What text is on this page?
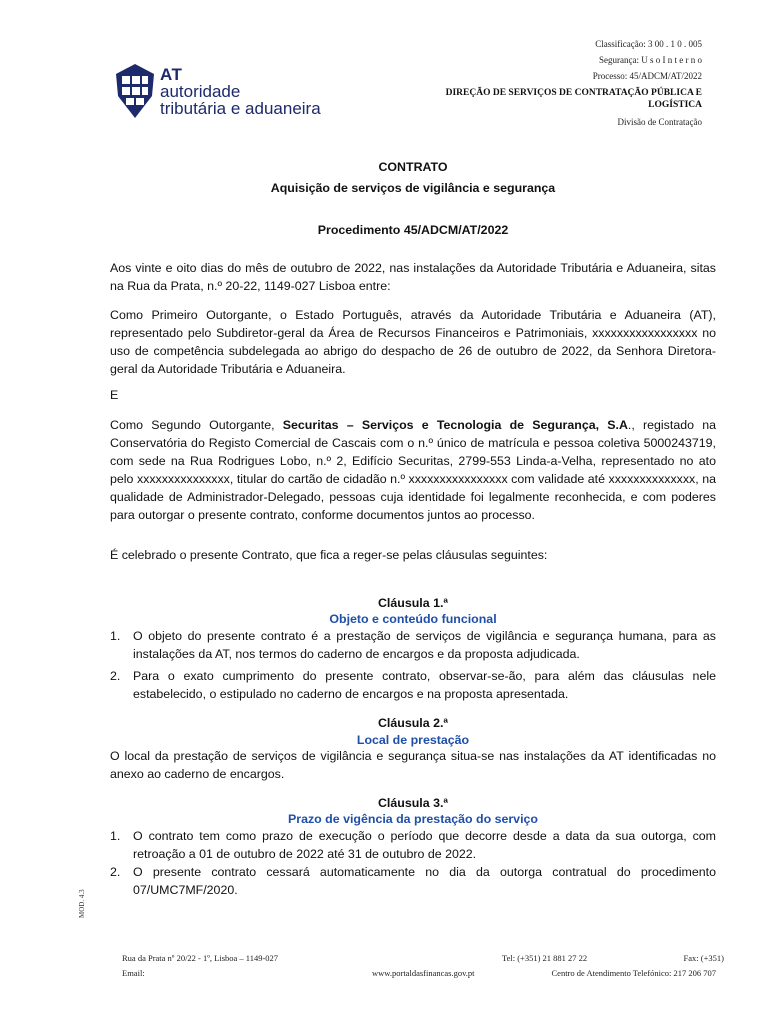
AT
autoridade
tributária e aduaneira
Classificação: 3 00 . 1 0 . 005
Segurança: U s o I n t e r n o
Processo: 45/ADCM/AT/2022
DIREÇÃO DE SERVIÇOS DE CONTRATAÇÃO PÚBLICA E
LOGÍSTICA
Divisão de Contratação
CONTRATO
Aquisição de serviços de vigilância e segurança
Procedimento 45/ADCM/AT/2022
Aos vinte e oito dias do mês de outubro de 2022, nas instalações da Autoridade Tributária e Aduaneira, sitas na Rua da Prata, n.º 20-22, 1149-027 Lisboa entre:
Como Primeiro Outorgante, o Estado Português, através da Autoridade Tributária e Aduaneira (AT), representado pelo Subdiretor-geral da Área de Recursos Financeiros e Patrimoniais, xxxxxxxxxxxxxxxxx no uso de competência subdelegada ao abrigo do despacho de 26 de outubro de 2022, da Senhora Diretora-geral da Autoridade Tributária e Aduaneira.
E
Como Segundo Outorgante, Securitas – Serviços e Tecnologia de Segurança, S.A., registado na Conservatória do Registo Comercial de Cascais com o n.º único de matrícula e pessoa coletiva 5000243719, com sede na Rua Rodrigues Lobo, n.º 2, Edifício Securitas, 2799-553 Linda-a-Velha, representado no ato pelo xxxxxxxxxxxxxxx, titular do cartão de cidadão n.º xxxxxxxxxxxxxxxx com validade até xxxxxxxxxxxxxx, na qualidade de Administrador-Delegado, pessoas cuja identidade foi legalmente reconhecida, e com poderes para outorgar o presente contrato, conforme documentos juntos ao processo.
É celebrado o presente Contrato, que fica a reger-se pelas cláusulas seguintes:
Cláusula 1.ª
Objeto e conteúdo funcional
1. O objeto do presente contrato é a prestação de serviços de vigilância e segurança humana, para as instalações da AT, nos termos do caderno de encargos e da proposta adjudicada.
2. Para o exato cumprimento do presente contrato, observar-se-ão, para além das cláusulas nele estabelecido, o estipulado no caderno de encargos e na proposta apresentada.
Cláusula 2.ª
Local de prestação
O local da prestação de serviços de vigilância e segurança situa-se nas instalações da AT identificadas no anexo ao caderno de encargos.
Cláusula 3.ª
Prazo de vigência da prestação do serviço
1. O contrato tem como prazo de execução o período que decorre desde a data da sua outorga, com retroação a 01 de outubro de 2022 até 31 de outubro de 2022.
2. O presente contrato cessará automaticamente no dia da outorga contratual do procedimento 07/UMC7MF/2020.
MOD. 4.3
Rua da Prata nº 20/22 - 1º, Lisboa – 1149-027	Tel: (+351) 21 881 27 22	Fax: (+351)
Email:	www.portaldasfinancas.gov.pt	Centro de Atendimento Telefónico: 217 206 707
